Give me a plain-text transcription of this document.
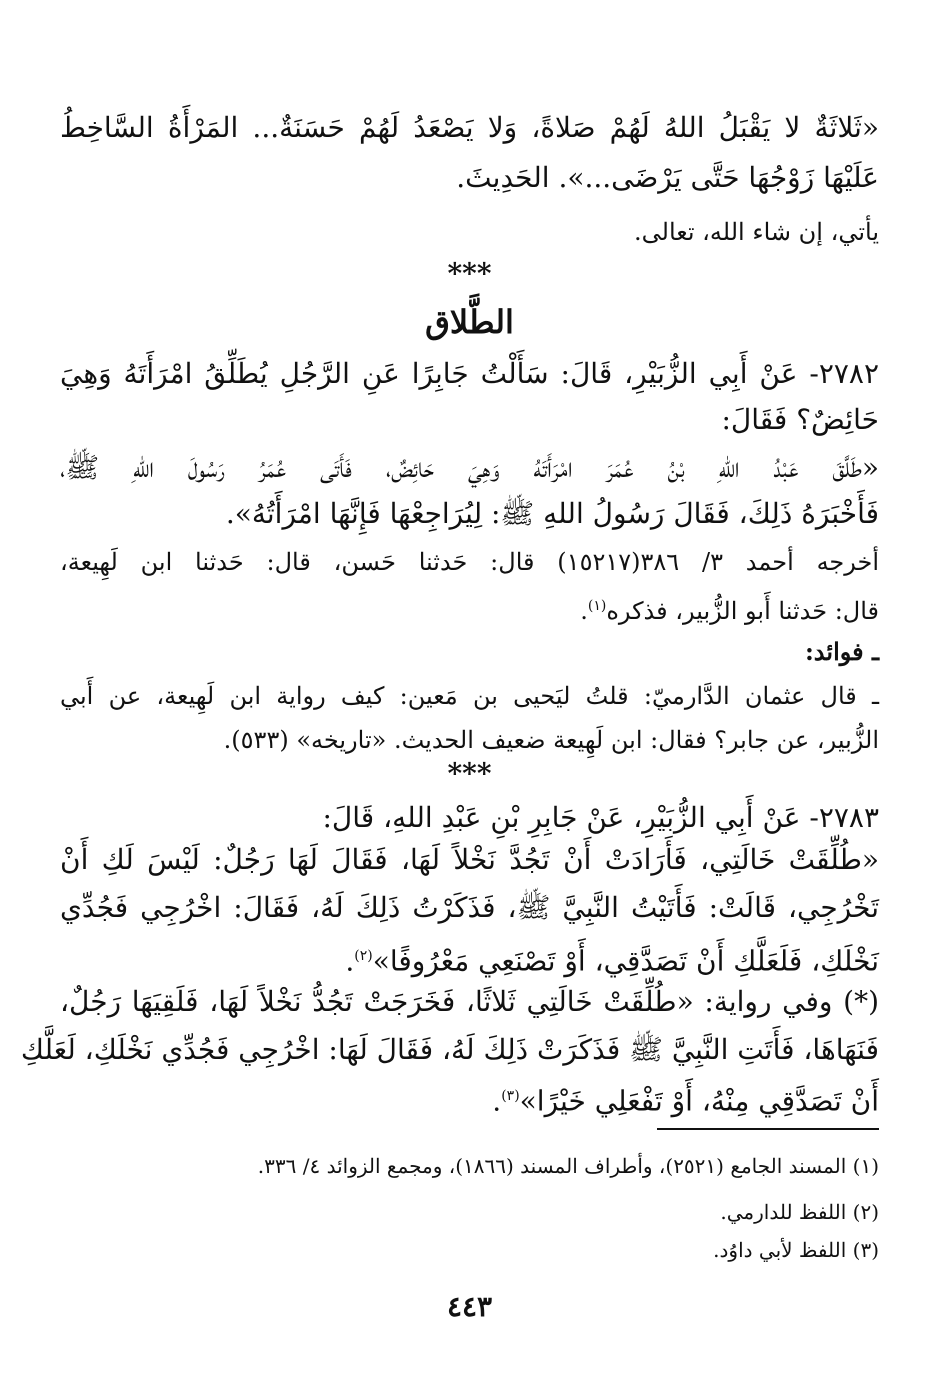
«ثَلاثَةٌ لا يَقْبَلُ اللهُ لَهُمْ صَلاةً، وَلا يَصْعَدُ لَهُمْ حَسَنَةٌ... المَرْأَةُ السَّاخِطُ
عَلَيْهَا زَوْجُهَا حَتَّى يَرْضَى...». الحَدِيثَ.
يأتي، إن شاء الله، تعالى.
***
الطَّلاق
٢٧٨٢- عَنْ أَبِي الزُّبَيْرِ، قَالَ: سَأَلْتُ جَابِرًا عَنِ الرَّجُلِ يُطَلِّقُ امْرَأَتَهُ وَهِيَ
حَائِضٌ؟ فَقَالَ:
«طَلَّقَ عَبْدُ اللهِ بْنُ عُمَرَ امْرَأَتَهُ وَهِيَ حَائِضٌ، فَأَتَى عُمَرُ رَسُولَ اللهِ ﷺ،
فَأَخْبَرَهُ ذَلِكَ، فَقَالَ رَسُولُ اللهِ ﷺ: لِيُرَاجِعْهَا فَإِنَّهَا امْرَأَتُهُ».
أخرجه أحمد ٣/ ٣٨٦(١٥٢١٧) قال: حَدثنا حَسن، قال: حَدثنا ابن لَهِيعة،
قال: حَدثنا أَبو الزُّبير، فذكره$^{(١)}$.
ـ فوائد:
ـ قال عثمان الدَّارميّ: قلتُ ليَحيى بن مَعين: كيف رواية ابن لَهِيعة، عن أَبي
الزُّبير، عن جابر؟ فقال: ابن لَهِيعة ضعيف الحديث. «تاريخه» (٥٣٣).
***
٢٧٨٣- عَنْ أَبِي الزُّبَيْرِ، عَنْ جَابِرِ بْنِ عَبْدِ اللهِ، قَالَ:
«طُلِّقَتْ خَالَتِي، فَأَرَادَتْ أَنْ تَجُدَّ نَخْلاً لَهَا، فَقَالَ لَهَا رَجُلٌ: لَيْسَ لَكِ أَنْ
تَخْرُجِي، قَالَتْ: فَأَتَيْتُ النَّبِيَّ ﷺ، فَذَكَرْتُ ذَلِكَ لَهُ، فَقَالَ: اخْرُجِي فَجُدِّي
نَخْلَكِ، فَلَعَلَّكِ أَنْ تَصَدَّقِي، أَوْ تَصْنَعِي مَعْرُوفًا»$^{(٢)}$.
(*) وفي رواية: «طُلِّقَتْ خَالَتِي ثَلاثًا، فَخَرَجَتْ تَجُدُّ نَخْلاً لَهَا، فَلَقِيَهَا رَجُلٌ،
فَنَهَاهَا، فَأَتَتِ النَّبِيَّ ﷺ فَذَكَرَتْ ذَلِكَ لَهُ، فَقَالَ لَهَا: اخْرُجِي فَجُدِّي نَخْلَكِ، لَعَلَّكِ
أَنْ تَصَدَّقِي مِنْهُ، أَوْ تَفْعَلِي خَيْرًا»$^{(٣)}$.
(١) المسند الجامع (٢٥٢١)، وأطراف المسند (١٨٦٦)، ومجمع الزوائد ٤/ ٣٣٦.
(٢) اللفظ للدارمي.
(٣) اللفظ لأبي داوُد.
٤٤٣
